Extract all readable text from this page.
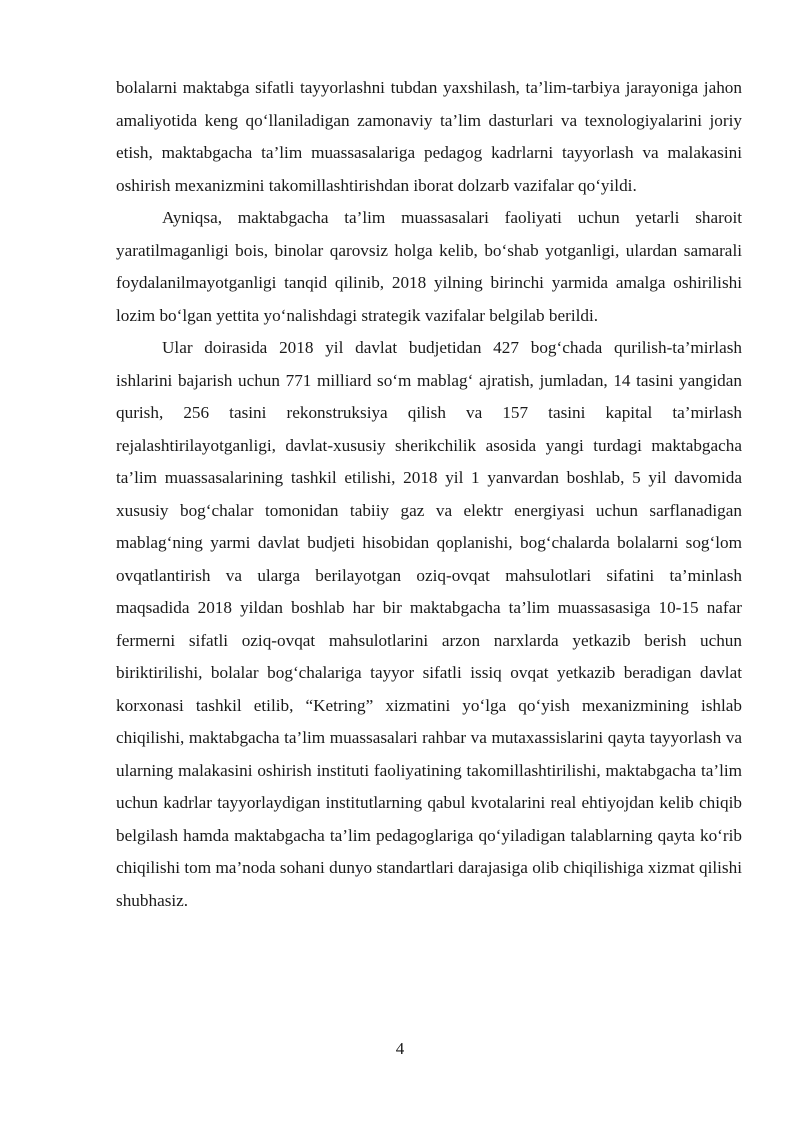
bolalarni maktabga sifatli tayyorlashni tubdan yaxshilash, ta’lim-tarbiya jarayoniga jahon amaliyotida keng qo‘llaniladigan zamonaviy ta’lim dasturlari va texnologiyalarini joriy etish, maktabgacha ta’lim muassasalariga pedagog kadrlarni tayyorlash va malakasini oshirish mexanizmini takomillashtirishdan iborat dolzarb vazifalar qo‘yildi.

Ayniqsa, maktabgacha ta’lim muassasalari faoliyati uchun yetarli sharoit yaratilmaganligi bois, binolar qarovsiz holga kelib, bo‘shab yotganligi, ulardan samarali foydalanilmayotganligi tanqid qilinib, 2018 yilning birinchi yarmida amalga oshirilishi lozim bo‘lgan yettita yo‘nalishdagi strategik vazifalar belgilab berildi.

Ular doirasida 2018 yil davlat budjetidan 427 bog‘chada qurilish-ta’mirlash ishlarini bajarish uchun 771 milliard so‘m mablag‘ ajratish, jumladan, 14 tasini yangidan qurish, 256 tasini rekonstruksiya qilish va 157 tasini kapital ta’mirlash rejalashtirilayotganligi, davlat-xususiy sherikchilik asosida yangi turdagi maktabgacha ta’lim muassasalarining tashkil etilishi, 2018 yil 1 yanvardan boshlab, 5 yil davomida xususiy bog‘chalar tomonidan tabiiy gaz va elektr energiyasi uchun sarflanadigan mablag‘ning yarmi davlat budjeti hisobidan qoplanishi, bog‘chalarda bolalarni sog‘lom ovqatlantirish va ularga berilayotgan oziq-ovqat mahsulotlari sifatini ta’minlash maqsadida 2018 yildan boshlab har bir maktabgacha ta’lim muassasasiga 10-15 nafar fermerni sifatli oziq-ovqat mahsulotlarini arzon narxlarda yetkazib berish uchun biriktirilishi, bolalar bog‘chalariga tayyor sifatli issiq ovqat yetkazib beradigan davlat korxonasi tashkil etilib, “Ketring” xizmatini yo‘lga qo‘yish mexanizmining ishlab chiqilishi, maktabgacha ta’lim muassasalari rahbar va mutaxassislarini qayta tayyorlash va ularning malakasini oshirish instituti faoliyatining takomillashtirilishi, maktabgacha ta’lim uchun kadrlar tayyorlaydigan institutlarning qabul kvotalarini real ehtiyojdan kelib chiqib belgilash hamda maktabgacha ta’lim pedagoglariga qo‘yiladigan talablarning qayta ko‘rib chiqilishi tom ma’noda sohani dunyo standartlari darajasiga olib chiqilishiga xizmat qilishi shubhasiz.

4
